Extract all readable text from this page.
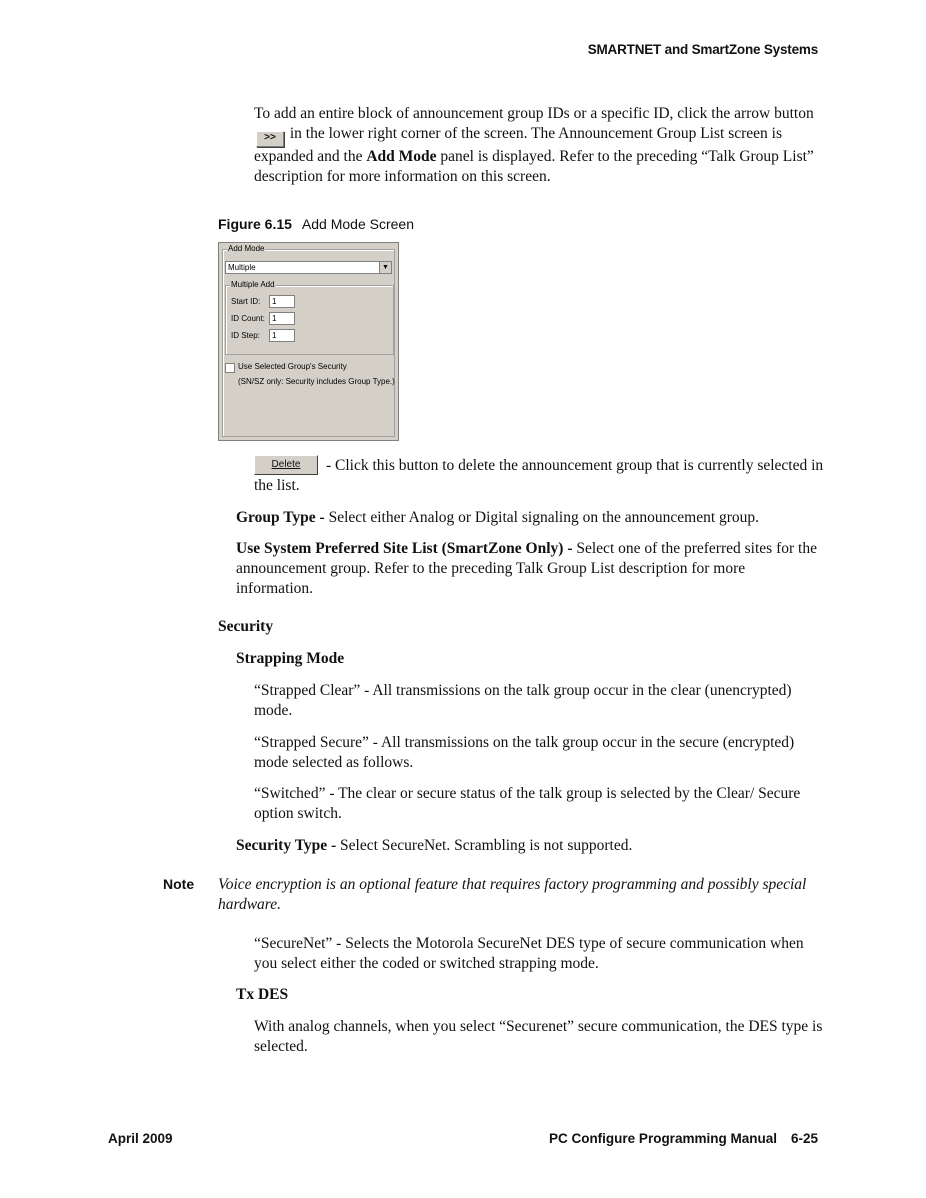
SMARTNET and SmartZone Systems
To add an entire block of announcement group IDs or a specific ID, click the arrow button >> in the lower right corner of the screen. The Announcement Group List screen is expanded and the Add Mode panel is displayed. Refer to the preceding “Talk Group List” description for more information on this screen.
Figure 6.15 Add Mode Screen
Add Mode
Multiple	▼
Multiple Add
Start ID:	1
ID Count: 1
ID Step:	1
Use Selected Group's Security
(SN/SZ only: Security includes Group Type.)
- Click this button to delete the announcement group that is currently selected in the list.
Delete
Group Type - Select either Analog or Digital signaling on the announcement group.
Use System Preferred Site List (SmartZone Only) - Select one of the preferred sites for the announcement group. Refer to the preceding Talk Group List description for more information.
Security
Strapping Mode
“Strapped Clear” - All transmissions on the talk group occur in the clear (unencrypted) mode.
“Strapped Secure” - All transmissions on the talk group occur in the secure (encrypted) mode selected as follows.
“Switched” - The clear or secure status of the talk group is selected by the Clear/ Secure option switch.
Security Type - Select SecureNet. Scrambling is not supported.
Note Voice encryption is an optional feature that requires factory programming and possibly special hardware.
“SecureNet” - Selects the Motorola SecureNet DES type of secure communication when you select either the coded or switched strapping mode.
Tx DES
With analog channels, when you select “Securenet” secure communication, the DES type is selected.
April 2009	PC Configure Programming Manual 6-25
